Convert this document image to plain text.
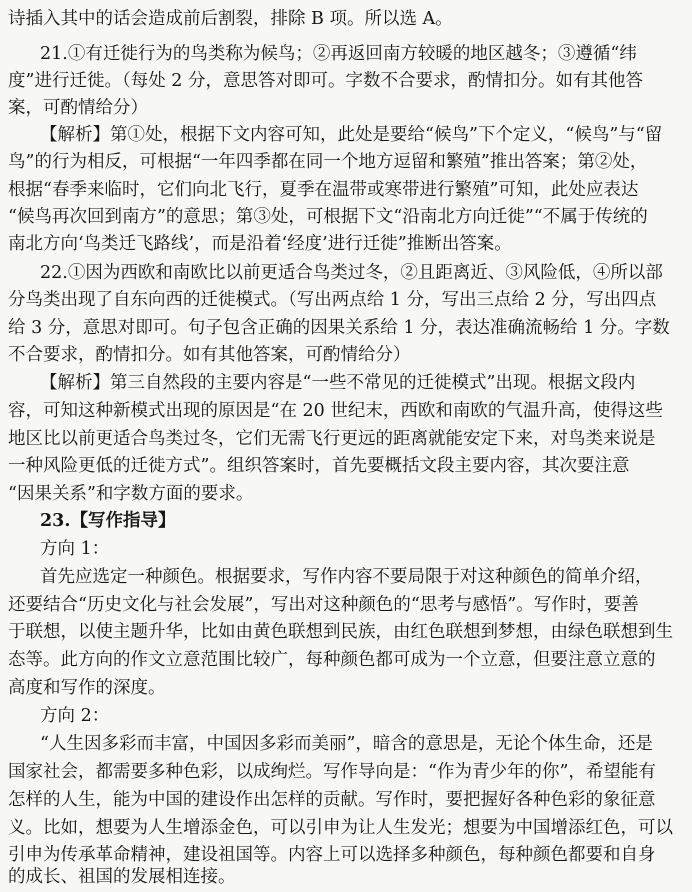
诗插入其中的话会造成前后割裂，排除 B 项。所以选 A。
21.①有迁徙行为的鸟类称为候鸟；②再返回南方较暖的地区越冬；③遵循“纬
度”进行迁徙。（每处 2 分，意思答对即可。字数不合要求，酌情扣分。如有其他答
案，可酌情给分）
【解析】第①处，根据下文内容可知，此处是要给“候鸟”下个定义，“候鸟”与“留
鸟”的行为相反，可根据“一年四季都在同一个地方逗留和繁殖”推出答案；第②处，
根据“春季来临时，它们向北飞行，夏季在温带或寒带进行繁殖”可知，此处应表达
“候鸟再次回到南方”的意思；第③处，可根据下文“沿南北方向迁徙”“不属于传统的
南北方向‘鸟类迁飞路线’，而是沿着‘经度’进行迁徙”推断出答案。
22.①因为西欧和南欧比以前更适合鸟类过冬，②且距离近、③风险低，④所以部
分鸟类出现了自东向西的迁徙模式。（写出两点给 1 分，写出三点给 2 分，写出四点
给 3 分，意思对即可。句子包含正确的因果关系给 1 分，表达准确流畅给 1 分。字数
不合要求，酌情扣分。如有其他答案，可酌情给分）
【解析】第三自然段的主要内容是“一些不常见的迁徙模式”出现。根据文段内
容，可知这种新模式出现的原因是“在 20 世纪末，西欧和南欧的气温升高，使得这些
地区比以前更适合鸟类过冬，它们无需飞行更远的距离就能安定下来，对鸟类来说是
一种风险更低的迁徙方式”。组织答案时，首先要概括文段主要内容，其次要注意
“因果关系”和字数方面的要求。
23.【写作指导】
方向 1：
首先应选定一种颜色。根据要求，写作内容不要局限于对这种颜色的简单介绍，
还要结合“历史文化与社会发展”，写出对这种颜色的“思考与感悟”。写作时，要善
于联想，以使主题升华，比如由黄色联想到民族，由红色联想到梦想，由绿色联想到生
态等。此方向的作文立意范围比较广，每种颜色都可成为一个立意，但要注意立意的
高度和写作的深度。
方向 2：
“人生因多彩而丰富，中国因多彩而美丽”，暗含的意思是，无论个体生命，还是
国家社会，都需要多种色彩，以成绚烂。写作导向是：“作为青少年的你”，希望能有
怎样的人生，能为中国的建设作出怎样的贡献。写作时，要把握好各种色彩的象征意
义。比如，想要为人生增添金色，可以引申为让人生发光；想要为中国增添红色，可以
引申为传承革命精神，建设祖国等。内容上可以选择多种颜色，每种颜色都要和自身
的成长、祖国的发展相连接。
